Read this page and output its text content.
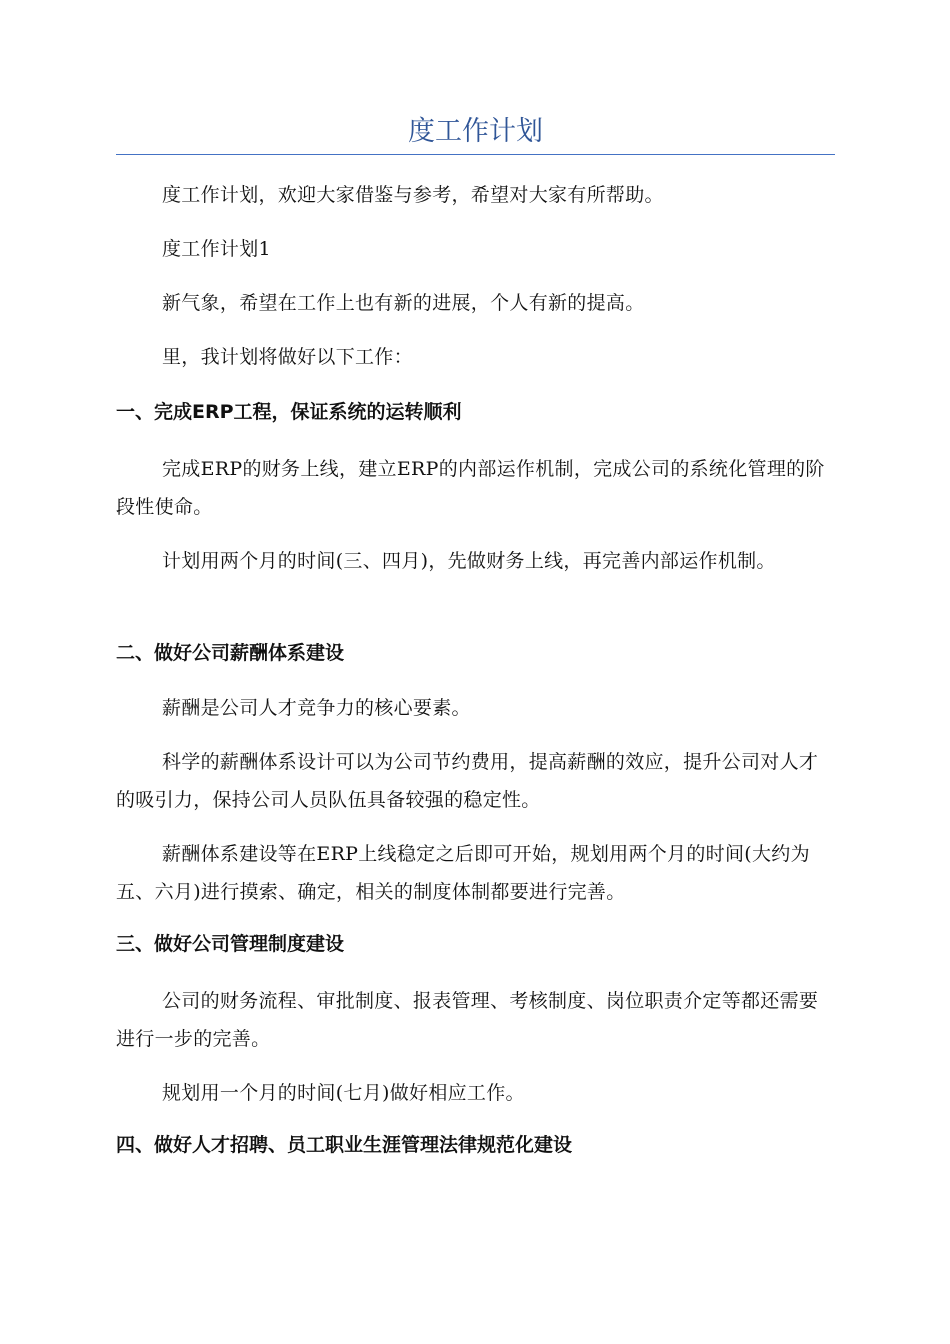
度工作计划

度工作计划，欢迎大家借鉴与参考，希望对大家有所帮助。

度工作计划1

新气象，希望在工作上也有新的进展，个人有新的提高。

里，我计划将做好以下工作：

一、完成ERP工程，保证系统的运转顺利

完成ERP的财务上线，建立ERP的内部运作机制，完成公司的系统化管理的阶段性使命。

计划用两个月的时间(三、四月)，先做财务上线，再完善内部运作机制。

二、做好公司薪酬体系建设

薪酬是公司人才竞争力的核心要素。

科学的薪酬体系设计可以为公司节约费用，提高薪酬的效应，提升公司对人才的吸引力，保持公司人员队伍具备较强的稳定性。

薪酬体系建设等在ERP上线稳定之后即可开始，规划用两个月的时间(大约为五、六月)进行摸索、确定，相关的制度体制都要进行完善。

三、做好公司管理制度建设

公司的财务流程、审批制度、报表管理、考核制度、岗位职责介定等都还需要进行一步的完善。

规划用一个月的时间(七月)做好相应工作。

四、做好人才招聘、员工职业生涯管理法律规范化建设
